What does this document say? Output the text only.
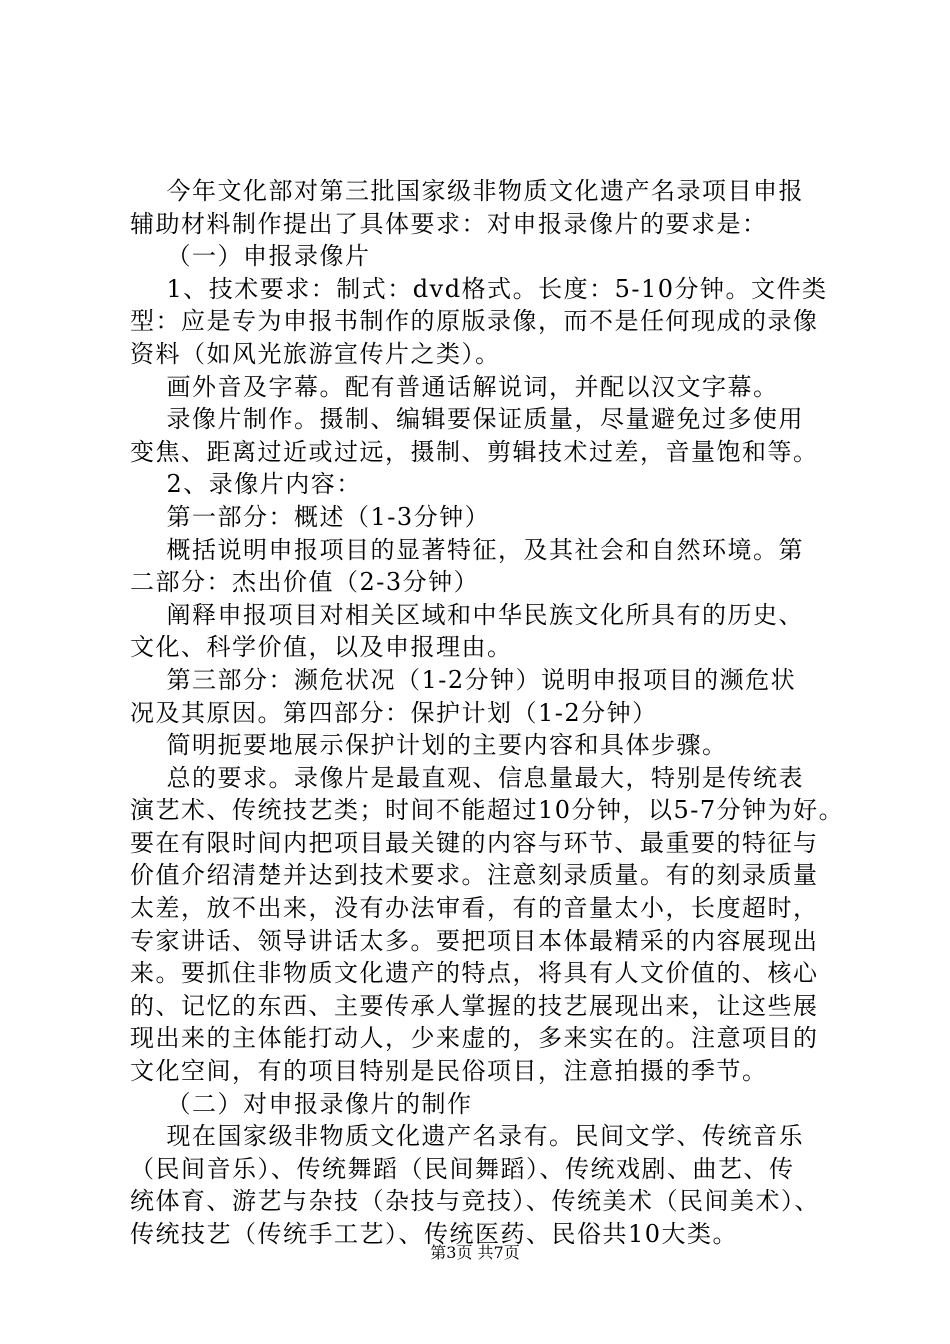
今年文化部对第三批国家级非物质文化遗产名录项目申报
辅助材料制作提出了具体要求：对申报录像片的要求是：
（一）申报录像片
1、技术要求：制式：dvd格式。长度：5-10分钟。文件类
型：应是专为申报书制作的原版录像，而不是任何现成的录像
资料（如风光旅游宣传片之类）。
画外音及字幕。配有普通话解说词，并配以汉文字幕。
录像片制作。摄制、编辑要保证质量，尽量避免过多使用
变焦、距离过近或过远，摄制、剪辑技术过差，音量饱和等。
2、录像片内容：
第一部分：概述（1-3分钟）
概括说明申报项目的显著特征，及其社会和自然环境。第
二部分：杰出价值（2-3分钟）
阐释申报项目对相关区域和中华民族文化所具有的历史、
文化、科学价值，以及申报理由。
第三部分：濒危状况（1-2分钟）说明申报项目的濒危状
况及其原因。第四部分：保护计划（1-2分钟）
简明扼要地展示保护计划的主要内容和具体步骤。
总的要求。录像片是最直观、信息量最大，特别是传统表
演艺术、传统技艺类；时间不能超过10分钟，以5-7分钟为好。
要在有限时间内把项目最关键的内容与环节、最重要的特征与
价值介绍清楚并达到技术要求。注意刻录质量。有的刻录质量
太差，放不出来，没有办法审看，有的音量太小，长度超时，
专家讲话、领导讲话太多。要把项目本体最精采的内容展现出
来。要抓住非物质文化遗产的特点，将具有人文价值的、核心
的、记忆的东西、主要传承人掌握的技艺展现出来，让这些展
现出来的主体能打动人，少来虚的，多来实在的。注意项目的
文化空间，有的项目特别是民俗项目，注意拍摄的季节。
（二）对申报录像片的制作
现在国家级非物质文化遗产名录有。民间文学、传统音乐
（民间音乐）、传统舞蹈（民间舞蹈）、传统戏剧、曲艺、传
统体育、游艺与杂技（杂技与竞技）、传统美术（民间美术）、
传统技艺（传统手工艺）、传统医药、民俗共10大类。
第3页 共7页
